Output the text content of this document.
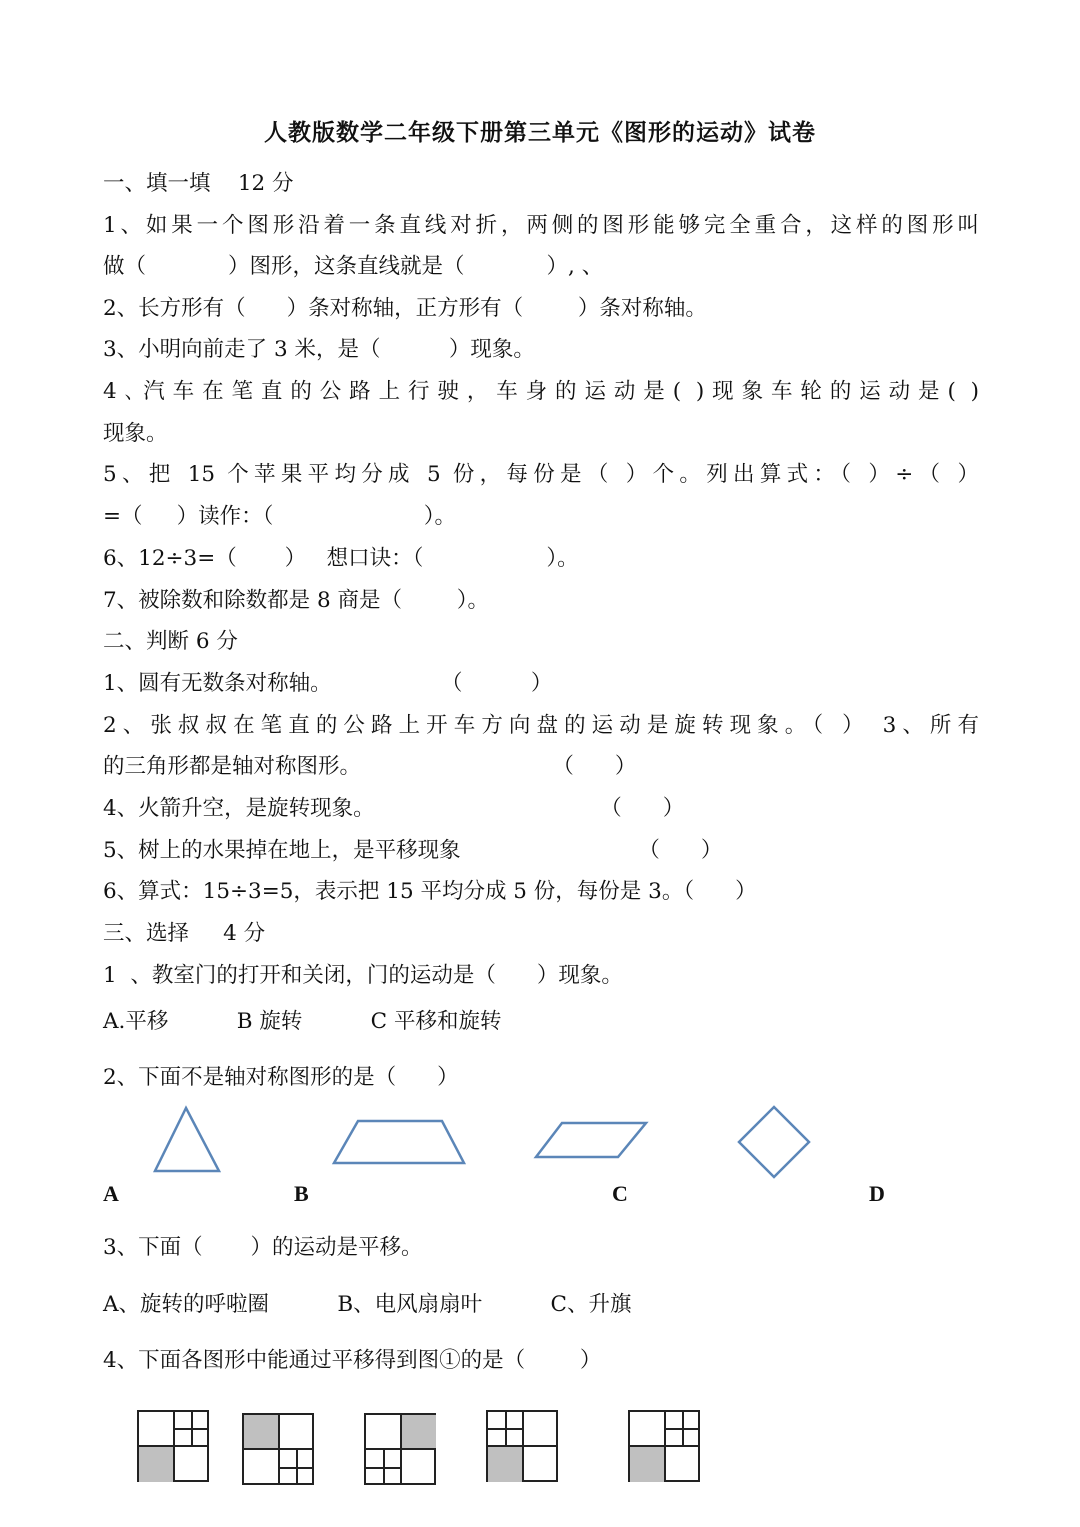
人教版数学二年级下册第三单元《图形的运动》试卷
一、填一填    12 分
1、如果一个图形沿着一条直线对折，两侧的图形能够完全重合，这样的图形叫
做（            ）图形，这条直线就是（            ）, 、
2、长方形有（      ）条对称轴，正方形有（        ）条对称轴。
3、小明向前走了 3 米，是（          ）现象。
4､汽车在笔直的公路上行驶，车身的运动是( )现象车轮的运动是( )
现象。
5、把 15 个苹果平均分成 5 份，每份是（ ）个。列出算式：（ ）÷（ ）
=（     ）读作：（                      ）。
6、12÷3=（       ）   想口诀：（                  ）。
7、被除数和除数都是 8 商是（        ）。
二、判断 6 分
1、圆有无数条对称轴。                （          ）
2、张叔叔在笔直的公路上开车方向盘的运动是旋转现象。（ ） 3、所有
的三角形都是轴对称图形。                            （      ）
4、火箭升空，是旋转现象。                                 （      ）
5、树上的水果掉在地上，是平移现象                          （      ）
6、算式：15÷3=5，表示把 15 平均分成 5 份，每份是 3。（      ）
三、选择     4 分
1  、教室门的打开和关闭，门的运动是（      ）现象。
A.平移          B 旋转          C 平移和旋转
2、下面不是轴对称图形的是（      ）
A	B	C	D
3、下面（       ）的运动是平移。
A、旋转的呼啦圈          B、电风扇扇叶          C、升旗
4、下面各图形中能通过平移得到图①的是（        ）
